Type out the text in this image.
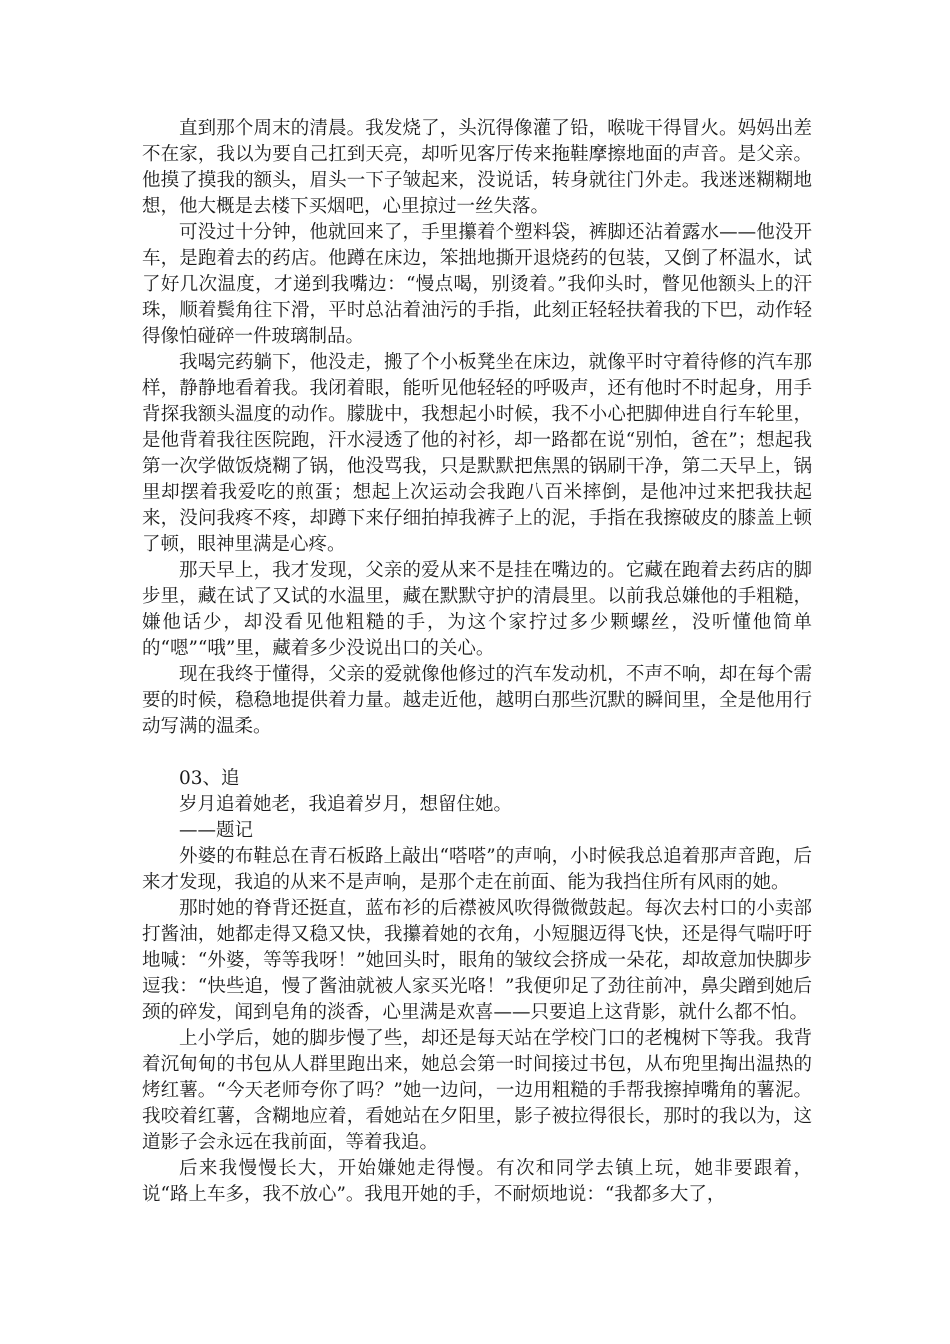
直到那个周末的清晨。我发烧了，头沉得像灌了铅，喉咙干得冒火。妈妈出差不在家，我以为要自己扛到天亮，却听见客厅传来拖鞋摩擦地面的声音。是父亲。他摸了摸我的额头，眉头一下子皱起来，没说话，转身就往门外走。我迷迷糊糊地想，他大概是去楼下买烟吧，心里掠过一丝失落。

可没过十分钟，他就回来了，手里攥着个塑料袋，裤脚还沾着露水——他没开车，是跑着去的药店。他蹲在床边，笨拙地撕开退烧药的包装，又倒了杯温水，试了好几次温度，才递到我嘴边：“慢点喝，别烫着。”我仰头时，瞥见他额头上的汗珠，顺着鬓角往下滑，平时总沾着油污的手指，此刻正轻轻扶着我的下巴，动作轻得像怕碰碎一件玻璃制品。

我喝完药躺下，他没走，搬了个小板凳坐在床边，就像平时守着待修的汽车那样，静静地看着我。我闭着眼，能听见他轻轻的呼吸声，还有他时不时起身，用手背探我额头温度的动作。朦胧中，我想起小时候，我不小心把脚伸进自行车轮里，是他背着我往医院跑，汗水浸透了他的衬衫，却一路都在说“别怕，爸在”；想起我第一次学做饭烧糊了锅，他没骂我，只是默默把焦黑的锅刷干净，第二天早上，锅里却摆着我爱吃的煎蛋；想起上次运动会我跑八百米摔倒，是他冲过来把我扶起来，没问我疼不疼，却蹲下来仔细拍掉我裤子上的泥，手指在我擦破皮的膝盖上顿了顿，眼神里满是心疼。

那天早上，我才发现，父亲的爱从来不是挂在嘴边的。它藏在跑着去药店的脚步里，藏在试了又试的水温里，藏在默默守护的清晨里。以前我总嫌他的手粗糙，嫌他话少，却没看见他粗糙的手，为这个家拧过多少颗螺丝，没听懂他简单的“嗯”“哦”里，藏着多少没说出口的关心。

现在我终于懂得，父亲的爱就像他修过的汽车发动机，不声不响，却在每个需要的时候，稳稳地提供着力量。越走近他，越明白那些沉默的瞬间里，全是他用行动写满的温柔。

03、追

岁月追着她老，我追着岁月，想留住她。

——题记

外婆的布鞋总在青石板路上敲出“嗒嗒”的声响，小时候我总追着那声音跑，后来才发现，我追的从来不是声响，是那个走在前面、能为我挡住所有风雨的她。

那时她的脊背还挺直，蓝布衫的后襟被风吹得微微鼓起。每次去村口的小卖部打酱油，她都走得又稳又快，我攥着她的衣角，小短腿迈得飞快，还是得气喘吁吁地喊：“外婆，等等我呀！”她回头时，眼角的皱纹会挤成一朵花，却故意加快脚步逗我：“快些追，慢了酱油就被人家买光咯！”我便卯足了劲往前冲，鼻尖蹭到她后颈的碎发，闻到皂角的淡香，心里满是欢喜——只要追上这背影，就什么都不怕。

上小学后，她的脚步慢了些，却还是每天站在学校门口的老槐树下等我。我背着沉甸甸的书包从人群里跑出来，她总会第一时间接过书包，从布兜里掏出温热的烤红薯。“今天老师夸你了吗？”她一边问，一边用粗糙的手帮我擦掉嘴角的薯泥。我咬着红薯，含糊地应着，看她站在夕阳里，影子被拉得很长，那时的我以为，这道影子会永远在我前面，等着我追。

后来我慢慢长大，开始嫌她走得慢。有次和同学去镇上玩，她非要跟着，说“路上车多，我不放心”。我甩开她的手，不耐烦地说：“我都多大了，
